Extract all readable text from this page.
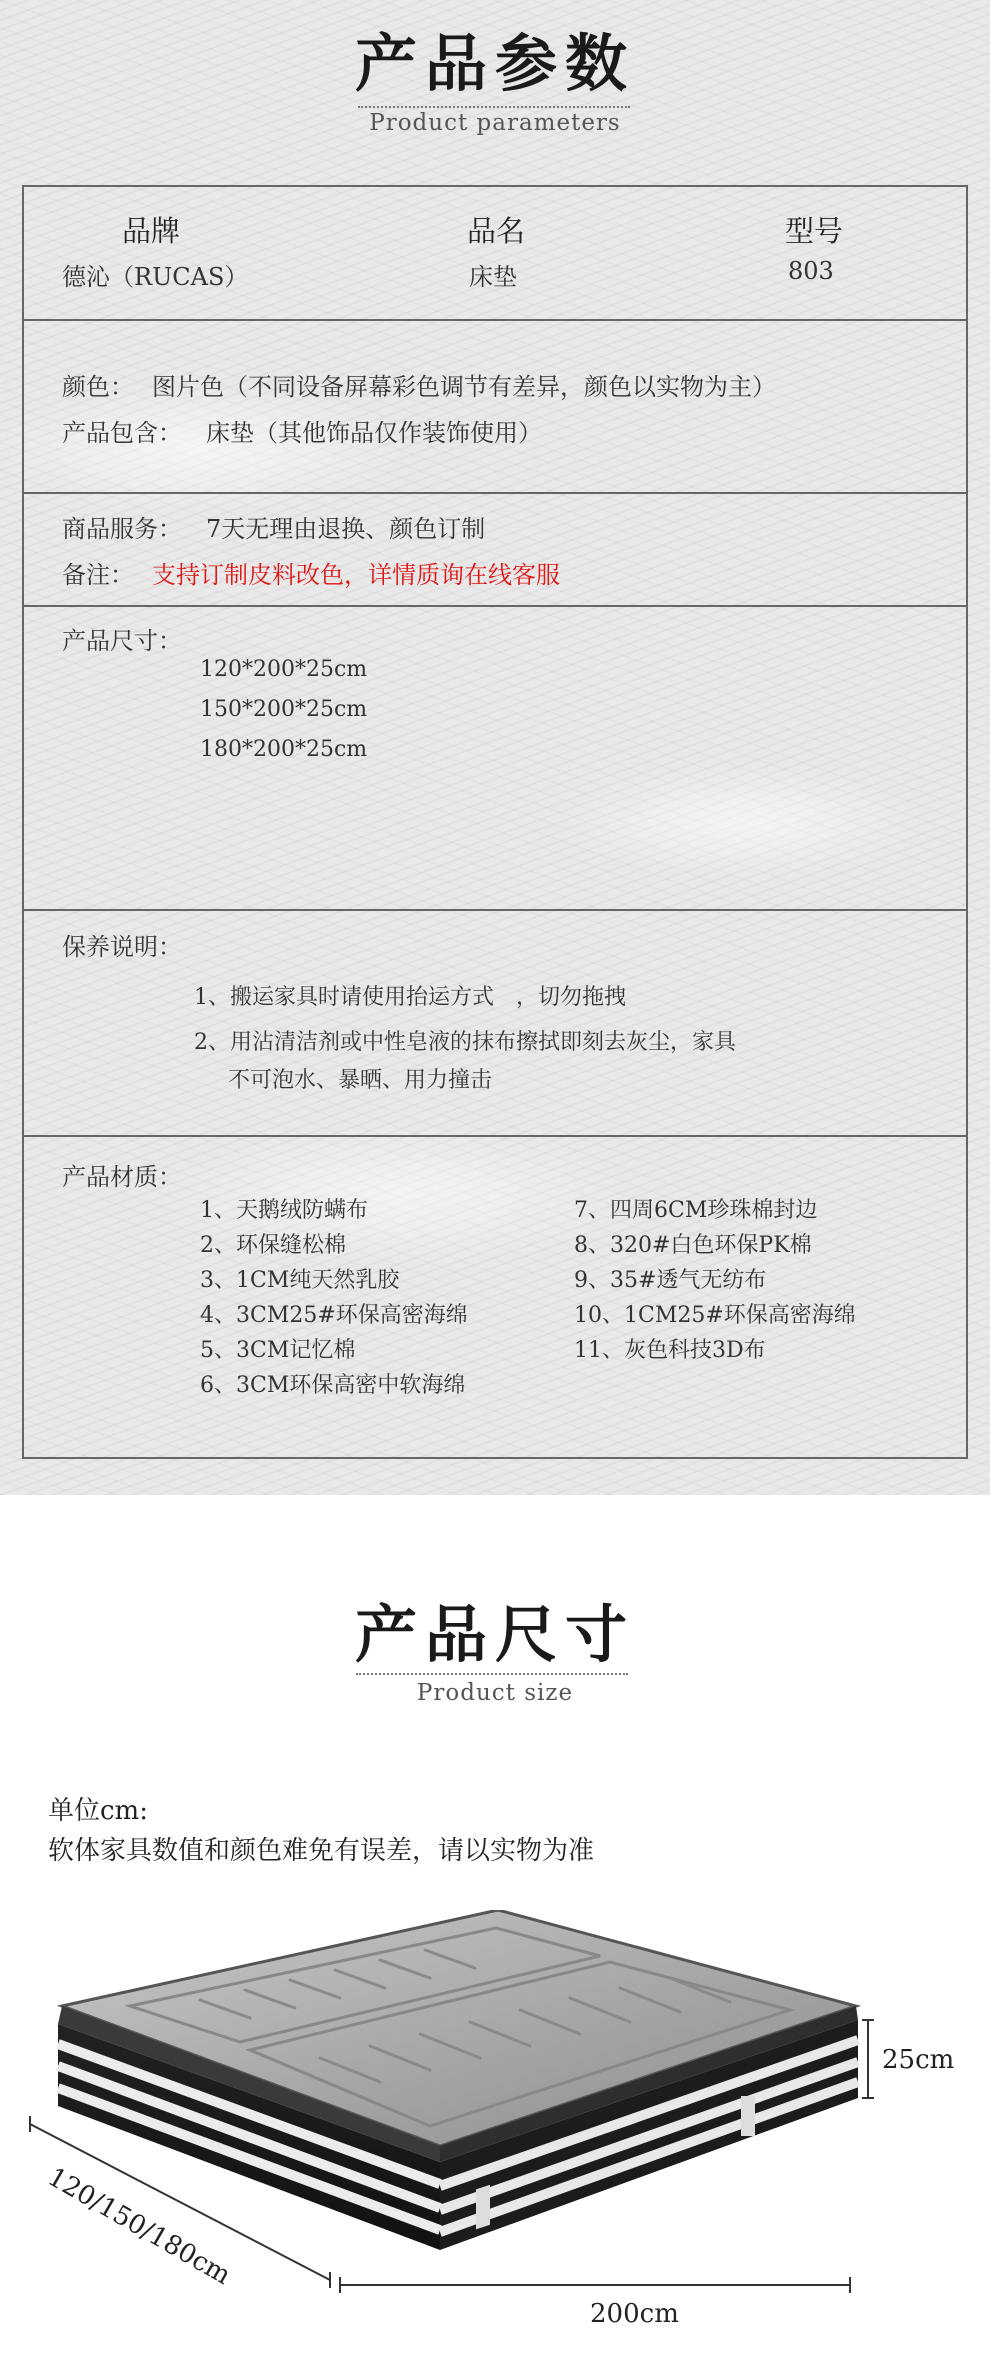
产品参数
Product parameters
品牌	品名	型号
德沁（RUCAS）	床垫	803
颜色： 图片色（不同设备屏幕彩色调节有差异，颜色以实物为主）
产品包含： 床垫（其他饰品仅作装饰使用）
商品服务： 7天无理由退换、颜色订制
备注： 支持订制皮料改色，详情质询在线客服
产品尺寸：
120*200*25cm
150*200*25cm
180*200*25cm
保养说明：
1、搬运家具时请使用抬运方式　，切勿拖拽
2、用沾清洁剂或中性皂液的抹布擦拭即刻去灰尘，家具
不可泡水、暴晒、用力撞击
产品材质：
1、天鹅绒防螨布
2、环保缝松棉
3、1CM纯天然乳胶
4、3CM25#环保高密海绵
5、3CM记忆棉
6、3CM环保高密中软海绵
7、四周6CM珍珠棉封边
8、320#白色环保PK棉
9、35#透气无纺布
10、1CM25#环保高密海绵
11、灰色科技3D布
产品尺寸
Product size
单位cm:
软体家具数值和颜色难免有误差，请以实物为准
25cm
200cm
120/150/180cm
